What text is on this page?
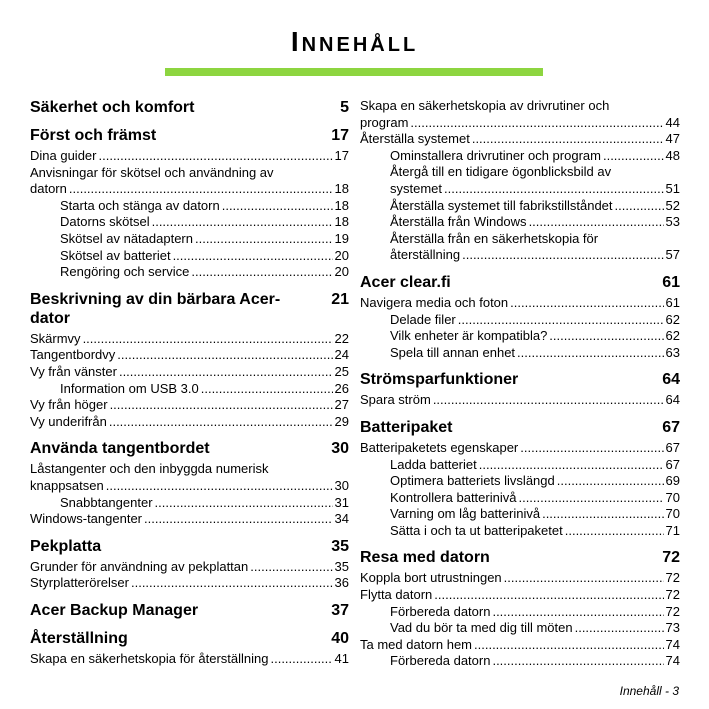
Innehåll
Säkerhet och komfort	5
Först och främst	17
Dina guider .....	17
Anvisningar för skötsel och användning av
datorn .....	18
Starta och stänga av datorn .....	18
Datorns skötsel .....	18
Skötsel av nätadaptern .....	19
Skötsel av batteriet .....	20
Rengöring och service .....	20
Beskrivning av din bärbara Acer-dator
21
Skärmvy .....	22
Tangentbordvy .....	24
Vy från vänster .....	25
Information om USB 3.0 .....	26
Vy från höger .....	27
Vy underifrån .....	29
Använda tangentbordet	30
Låstangenter och den inbyggda numerisk
knappsatsen .....	30
Snabbtangenter .....	31
Windows-tangenter .....	34
Pekplatta	35
Grunder för användning av pekplattan .....	35
Styrplatterörelser .....	36
Acer Backup Manager	37
Återställning	40
Skapa en säkerhetskopia för återställning .....	41
Skapa en säkerhetskopia av drivrutiner och
program .....	44
Återställa systemet .....	47
Ominstallera drivrutiner och program .....	48
Återgå till en tidigare ögonblicksbild av
systemet .....	51
Återställa systemet till fabrikstillståndet .....	52
Återställa från Windows .....	53
Återställa från en säkerhetskopia för
återställning .....	57
Acer clear.fi	61
Navigera media och foton .....	61
Delade filer .....	62
Vilk enheter är kompatibla? .....	62
Spela till annan enhet .....	63
Strömsparfunktioner	64
Spara ström .....	64
Batteripaket	67
Batteripaketets egenskaper .....	67
Ladda batteriet .....	67
Optimera batteriets livslängd .....	69
Kontrollera batterinivå .....	70
Varning om låg batterinivå .....	70
Sätta i och ta ut batteripaketet .....	71
Resa med datorn	72
Koppla bort utrustningen .....	72
Flytta datorn .....	72
Förbereda datorn .....	72
Vad du bör ta med dig till möten .....	73
Ta med datorn hem .....	74
Förbereda datorn .....	74
Innehåll - 3
